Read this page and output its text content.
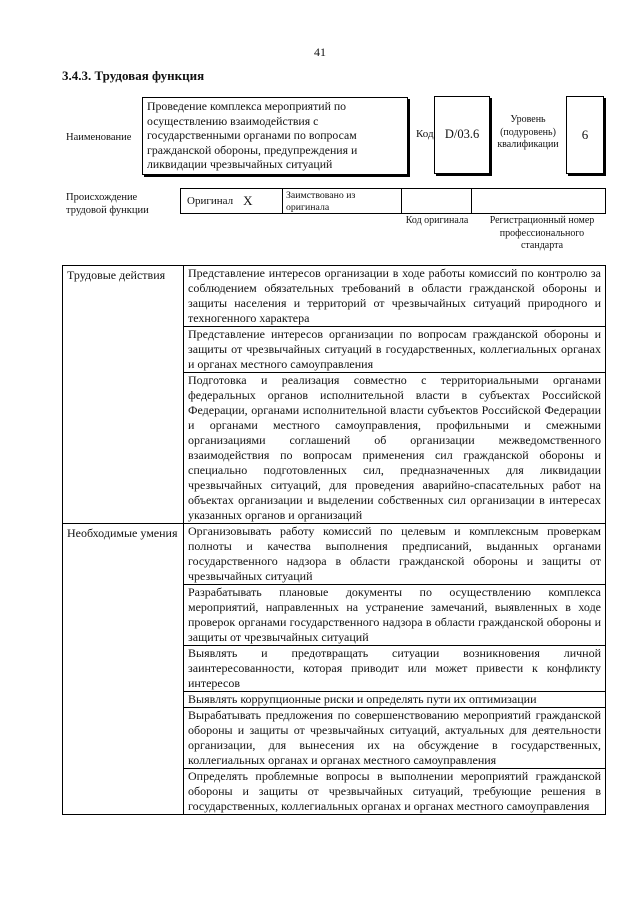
41
3.4.3. Трудовая функция
Наименование
Проведение комплекса мероприятий по осуществлению взаимодействия с государственными органами по вопросам гражданской обороны, предупреждения и ликвидации чрезвычайных ситуаций
Код D/03.6
Уровень (подуровень) квалификации
6
Происхождение трудовой функции
Оригинал X	Заимствовано из оригинала
Код оригинала	Регистрационный номер профессионального стандарта
Трудовые действия	Представление интересов организации в ходе работы комиссий по контролю за соблюдением обязательных требований в области гражданской обороны и защиты населения и территорий от чрезвычайных ситуаций природного и техногенного характера
	Представление интересов организации по вопросам гражданской обороны и защиты от чрезвычайных ситуаций в государственных, коллегиальных органах и органах местного самоуправления
	Подготовка и реализация совместно с территориальными органами федеральных органов исполнительной власти в субъектах Российской Федерации, органами исполнительной власти субъектов Российской Федерации и органами местного самоуправления, профильными и смежными организациями соглашений об организации межведомственного взаимодействия по вопросам применения сил гражданской обороны и специально подготовленных сил, предназначенных для ликвидации чрезвычайных ситуаций, для проведения аварийно-спасательных работ на объектах организации и выделении собственных сил организации в интересах указанных органов и организаций
Необходимые умения	Организовывать работу комиссий по целевым и комплексным проверкам полноты и качества выполнения предписаний, выданных органами государственного надзора в области гражданской обороны и защиты от чрезвычайных ситуаций
	Разрабатывать плановые документы по осуществлению комплекса мероприятий, направленных на устранение замечаний, выявленных в ходе проверок органами государственного надзора в области гражданской обороны и защиты от чрезвычайных ситуаций
	Выявлять и предотвращать ситуации возникновения личной заинтересованности, которая приводит или может привести к конфликту интересов
	Выявлять коррупционные риски и определять пути их оптимизации
	Вырабатывать предложения по совершенствованию мероприятий гражданской обороны и защиты от чрезвычайных ситуаций, актуальных для деятельности организации, для вынесения их на обсуждение в государственных, коллегиальных органах и органах местного самоуправления
	Определять проблемные вопросы в выполнении мероприятий гражданской обороны и защиты от чрезвычайных ситуаций, требующие решения в государственных, коллегиальных органах и органах местного самоуправления
